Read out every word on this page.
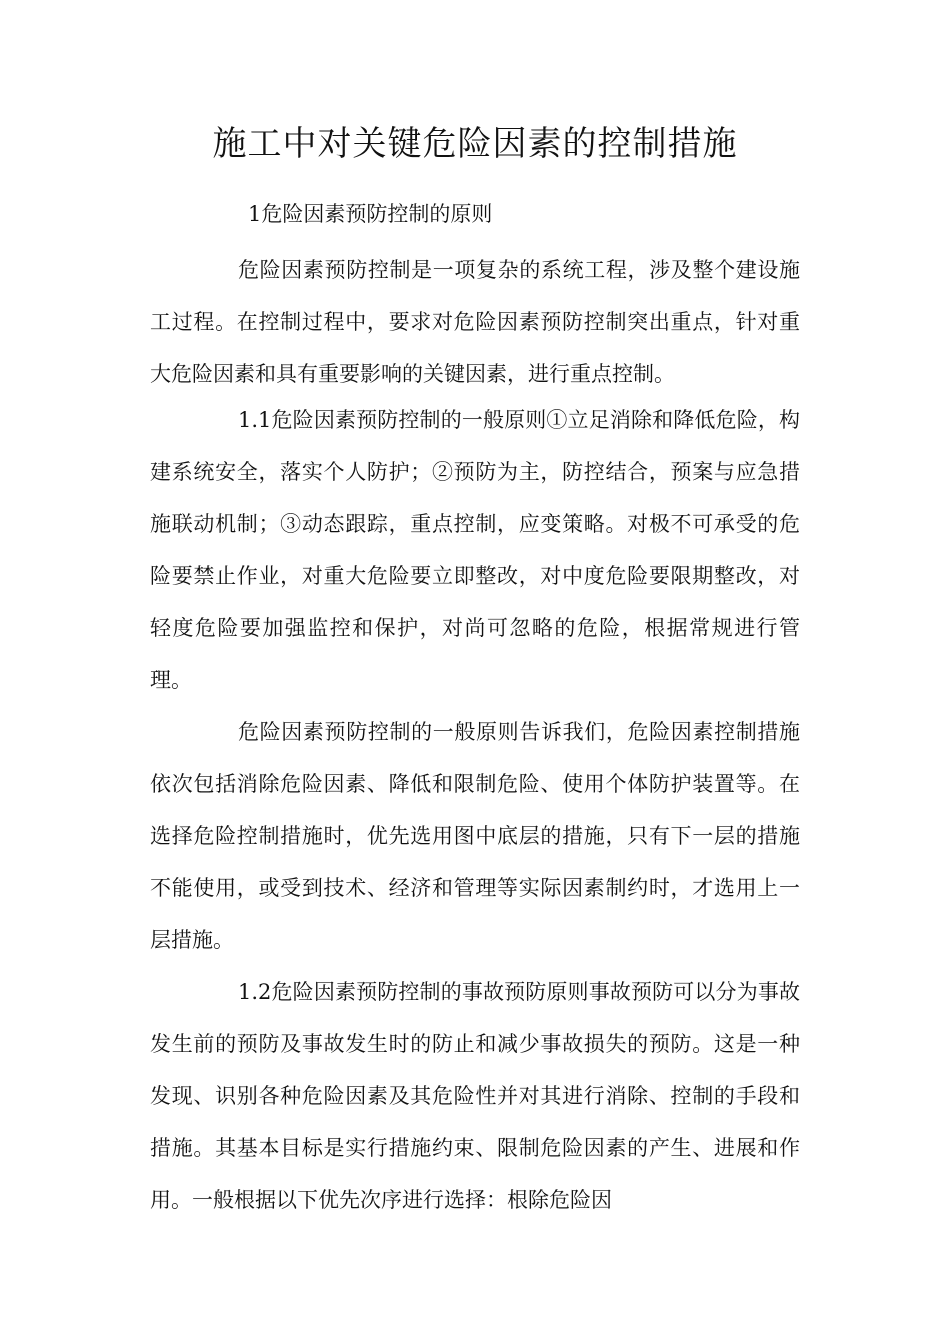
施工中对关键危险因素的控制措施

1危险因素预防控制的原则

危险因素预防控制是一项复杂的系统工程，涉及整个建设施工过程。在控制过程中，要求对危险因素预防控制突出重点，针对重大危险因素和具有重要影响的关键因素，进行重点控制。

1.1危险因素预防控制的一般原则①立足消除和降低危险，构建系统安全，落实个人防护；②预防为主，防控结合，预案与应急措施联动机制；③动态跟踪，重点控制，应变策略。对极不可承受的危险要禁止作业，对重大危险要立即整改，对中度危险要限期整改，对轻度危险要加强监控和保护，对尚可忽略的危险，根据常规进行管理。

危险因素预防控制的一般原则告诉我们，危险因素控制措施依次包括消除危险因素、降低和限制危险、使用个体防护装置等。在选择危险控制措施时，优先选用图中底层的措施，只有下一层的措施不能使用，或受到技术、经济和管理等实际因素制约时，才选用上一层措施。

1.2危险因素预防控制的事故预防原则事故预防可以分为事故发生前的预防及事故发生时的防止和减少事故损失的预防。这是一种发现、识别各种危险因素及其危险性并对其进行消除、控制的手段和措施。其基本目标是实行措施约束、限制危险因素的产生、进展和作用。一般根据以下优先次序进行选择：根除危险因
